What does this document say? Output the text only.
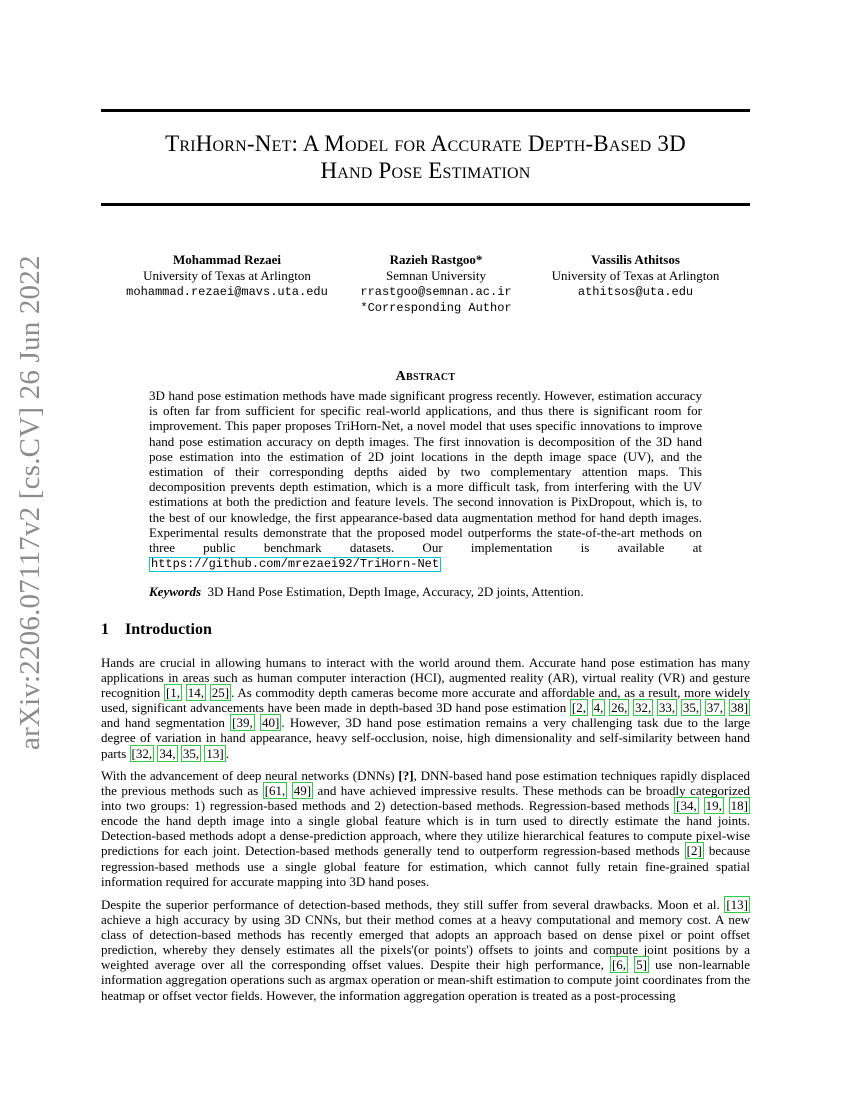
arXiv:2206.07117v2 [cs.CV] 26 Jun 2022
TriHorn-Net: A Model for Accurate Depth-Based 3D
Hand Pose Estimation
Mohammad Rezaei
University of Texas at Arlington
mohammad.rezaei@mavs.uta.edu
Razieh Rastgoo*
Semnan University
rrastgoo@semnan.ac.ir
*Corresponding Author
Vassilis Athitsos
University of Texas at Arlington
athitsos@uta.edu
Abstract
3D hand pose estimation methods have made significant progress recently. However, estimation accuracy is often far from sufficient for specific real-world applications, and thus there is significant room for improvement. This paper proposes TriHorn-Net, a novel model that uses specific innovations to improve hand pose estimation accuracy on depth images. The first innovation is decomposition of the 3D hand pose estimation into the estimation of 2D joint locations in the depth image space (UV), and the estimation of their corresponding depths aided by two complementary attention maps. This decomposition prevents depth estimation, which is a more difficult task, from interfering with the UV estimations at both the prediction and feature levels. The second innovation is PixDropout, which is, to the best of our knowledge, the first appearance-based data augmentation method for hand depth images. Experimental results demonstrate that the proposed model outperforms the state-of-the-art methods on three public benchmark datasets. Our implementation is available at https://github.com/mrezaei92/TriHorn-Net
Keywords 3D Hand Pose Estimation, Depth Image, Accuracy, 2D joints, Attention.
1 Introduction
Hands are crucial in allowing humans to interact with the world around them. Accurate hand pose estimation has many applications in areas such as human computer interaction (HCI), augmented reality (AR), virtual reality (VR) and gesture recognition [1, 14, 25] . As commodity depth cameras become more accurate and affordable and, as a result, more widely used, significant advancements have been made in depth-based 3D hand pose estimation [2, 4, 26, 32, 33, 35, 37, 38] and hand segmentation [39, 40] . However, 3D hand pose estimation remains a very challenging task due to the large degree of variation in hand appearance, heavy self-occlusion, noise, high dimensionality and self-similarity between hand parts [32, 34, 35, 13] .
With the advancement of deep neural networks (DNNs) [?], DNN-based hand pose estimation techniques rapidly displaced the previous methods such as [61, 49] and have achieved impressive results. These methods can be broadly categorized into two groups: 1) regression-based methods and 2) detection-based methods. Regression-based methods [34, 19, 18] encode the hand depth image into a single global feature which is in turn used to directly estimate the hand joints. Detection-based methods adopt a dense-prediction approach, where they utilize hierarchical features to compute pixel-wise predictions for each joint. Detection-based methods generally tend to outperform regression-based methods [2] because regression-based methods use a single global feature for estimation, which cannot fully retain fine-grained spatial information required for accurate mapping into 3D hand poses.
Despite the superior performance of detection-based methods, they still suffer from several drawbacks. Moon et al. [13] achieve a high accuracy by using 3D CNNs, but their method comes at a heavy computational and memory cost. A new class of detection-based methods has recently emerged that adopts an approach based on dense pixel or point offset prediction, whereby they densely estimates all the pixels'(or points') offsets to joints and compute joint positions by a weighted average over all the corresponding offset values. Despite their high performance, [6, 5] use non-learnable information aggregation operations such as argmax operation or mean-shift estimation to compute joint coordinates from the heatmap or offset vector fields. However, the information aggregation operation is treated as a post-processing
